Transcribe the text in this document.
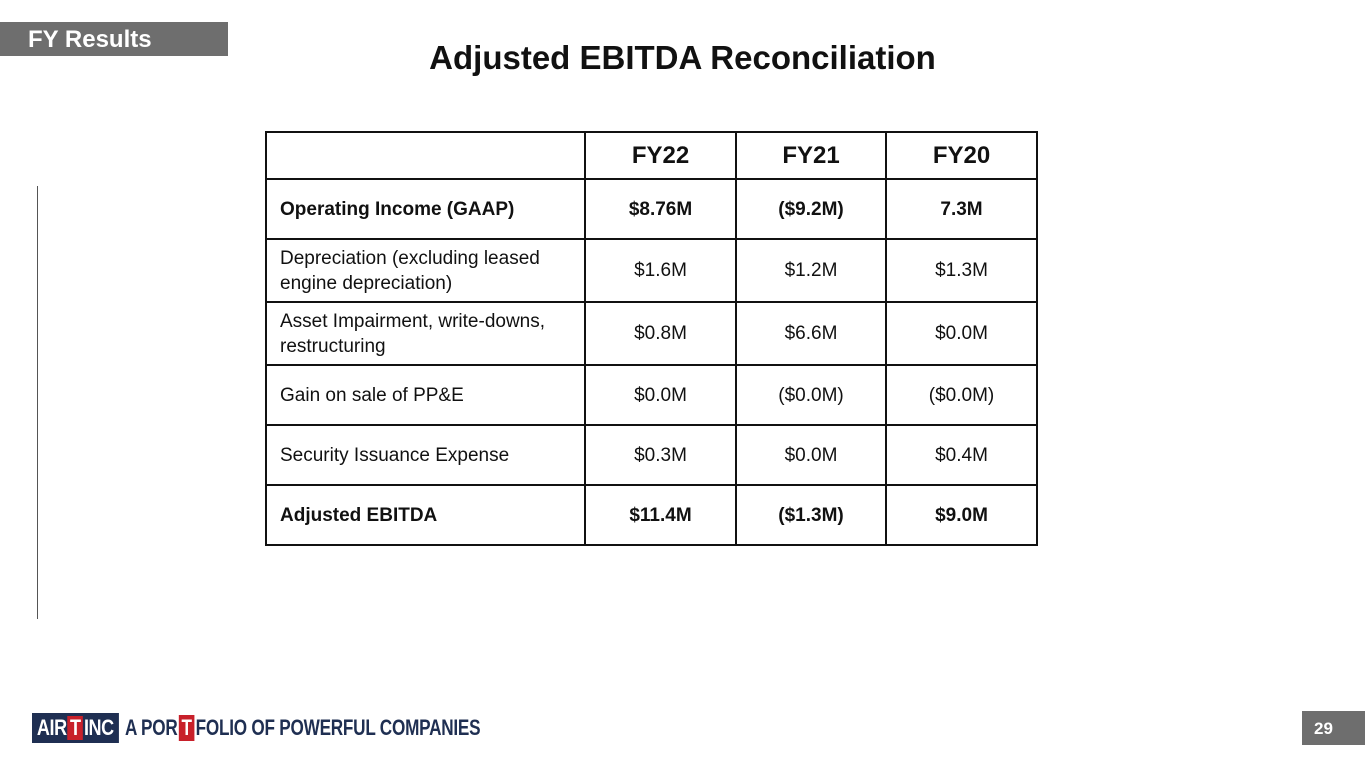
FY Results	Adjusted EBITDA Reconciliation
	FY22	FY21	FY20
Operating Income (GAAP)	$8.76M	($9.2M)	7.3M
Depreciation (excluding leased engine depreciation)	$1.6M	$1.2M	$1.3M
Asset Impairment, write-downs, restructuring	$0.8M	$6.6M	$0.0M
Gain on sale of PP&E	$0.0M	($0.0M)	($0.0M)
Security Issuance Expense	$0.3M	$0.0M	$0.4M
Adjusted EBITDA	$11.4M	($1.3M)	$9.0M
AIR T INC A POR T FOLIO OF POWERFUL COMPANIES	29
